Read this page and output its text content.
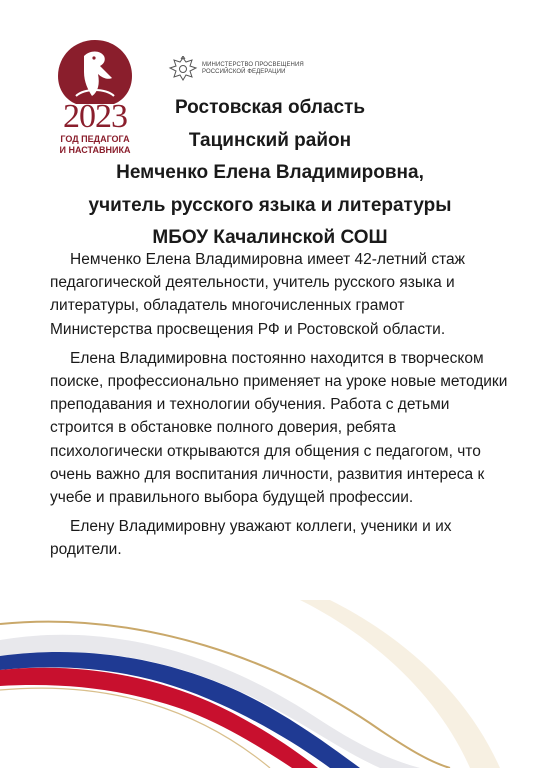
2023
ГОД ПЕДАГОГА
И НАСТАВНИКА
МИНИСТЕРСТВО ПРОСВЕЩЕНИЯ
РОССИЙСКОЙ ФЕДЕРАЦИИ
Ростовская область
Тацинский район
Немченко Елена Владимировна,
учитель русского языка и литературы
МБОУ Качалинской СОШ

Немченко Елена Владимировна имеет 42-летний стаж педагогической деятельности, учитель русского языка и литературы, обладатель многочисленных грамот Министерства просвещения РФ и Ростовской области.

Елена Владимировна постоянно находится в творческом поиске, профессионально применяет на уроке новые методики преподавания и технологии обучения. Работа с детьми строится в обстановке полного доверия, ребята психологически открываются для общения с педагогом, что очень важно для воспитания личности, развития интереса к учебе и правильного выбора будущей профессии.

Елену Владимировну уважают коллеги, ученики и их родители.
